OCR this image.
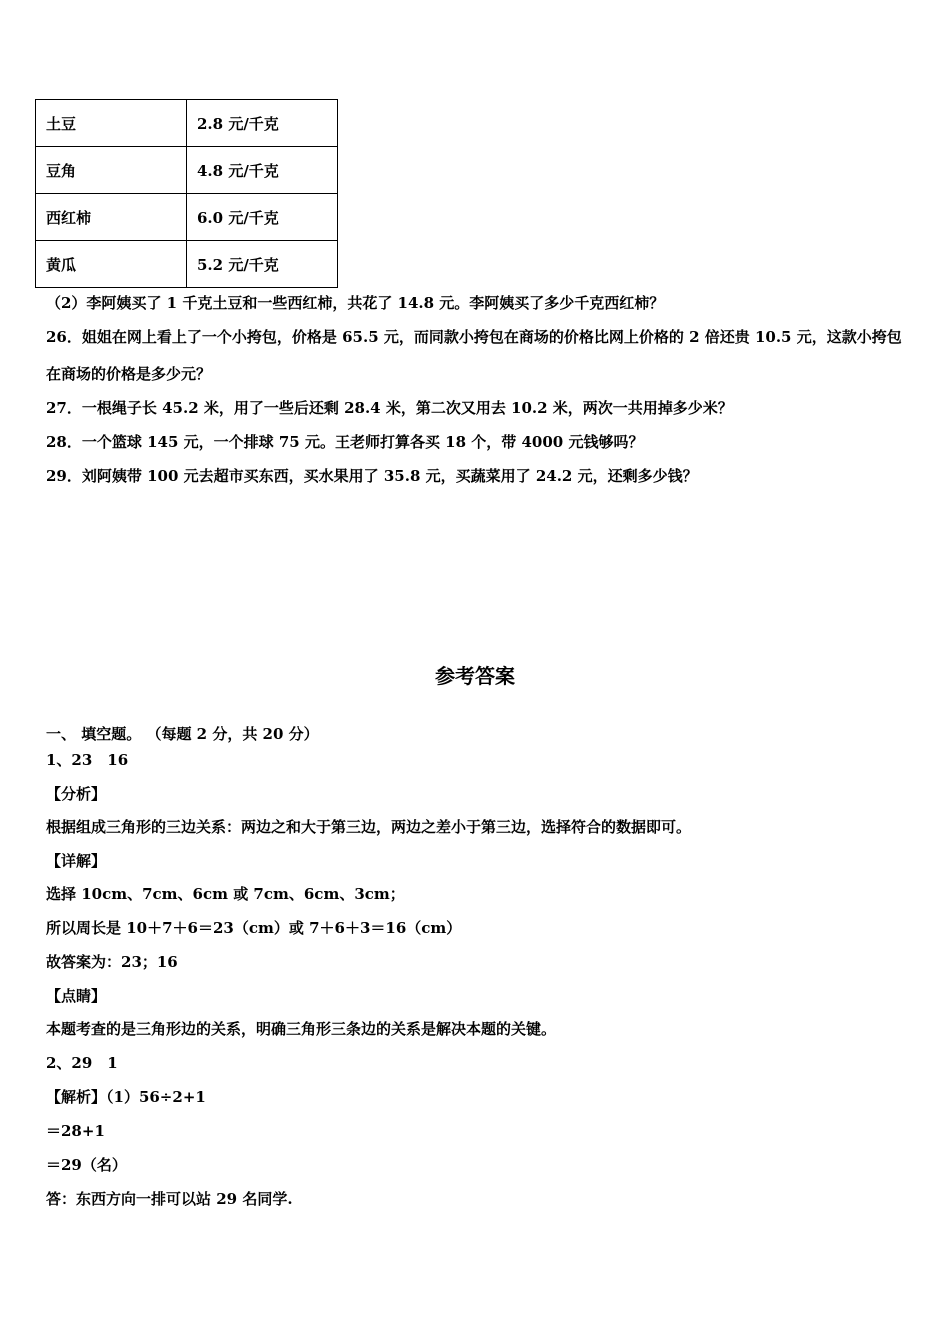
土豆	2.8 元/千克
豆角	4.8 元/千克
西红柿	6.0 元/千克
黄瓜	5.2 元/千克
（2）李阿姨买了 1 千克土豆和一些西红柿，共花了 14.8 元。李阿姨买了多少千克西红柿？
26．姐姐在网上看上了一个小挎包，价格是 65.5 元，而同款小挎包在商场的价格比网上价格的 2 倍还贵 10.5 元，这款小挎包在商场的价格是多少元？
27．一根绳子长 45.2 米，用了一些后还剩 28.4 米，第二次又用去 10.2 米，两次一共用掉多少米？
28．一个篮球 145 元，一个排球 75 元。王老师打算各买 18 个，带 4000 元钱够吗？
29．刘阿姨带 100 元去超市买东西，买水果用了 35.8 元，买蔬菜用了 24.2 元，还剩多少钱？
参考答案
一、 填空题。 （每题 2 分，共 20 分）
1、23　16
【分析】
根据组成三角形的三边关系：两边之和大于第三边，两边之差小于第三边，选择符合的数据即可。
【详解】
选择 10cm、7cm、6cm 或 7cm、6cm、3cm；
所以周长是 10＋7＋6＝23（cm）或 7＋6＋3＝16（cm）
故答案为：23；16
【点睛】
本题考查的是三角形边的关系，明确三角形三条边的关系是解决本题的关键。
2、29　1
【解析】（1）56÷2+1
＝28+1
＝29（名）
答：东西方向一排可以站 29 名同学.
